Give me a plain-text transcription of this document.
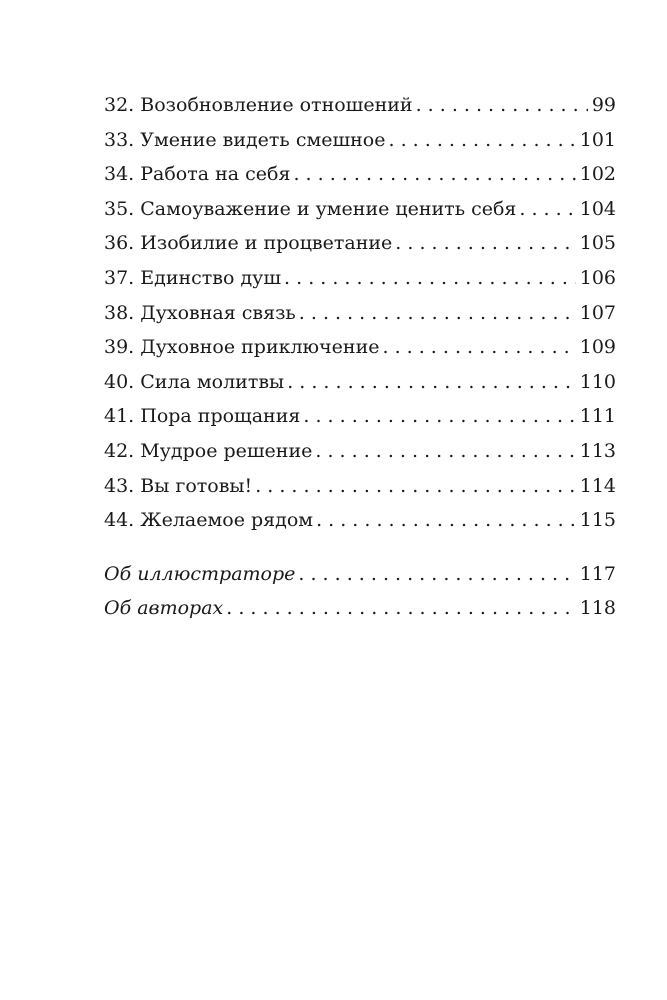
32. Возобновление отношений . . .	99
33. Умение видеть смешное . . .	101
34. Работа на себя . . .	102
35. Самоуважение и умение ценить себя . . .	104
36. Изобилие и процветание . . .	105
37. Единство душ . . .	106
38. Духовная связь . . .	107
39. Духовное приключение . . .	109
40. Сила молитвы . . .	110
41. Пора прощания . . .	111
42. Мудрое решение . . .	113
43. Вы готовы! . . .	114
44. Желаемое рядом . . .	115
Об иллюстраторе . . .	117
Об авторах . . .	118
